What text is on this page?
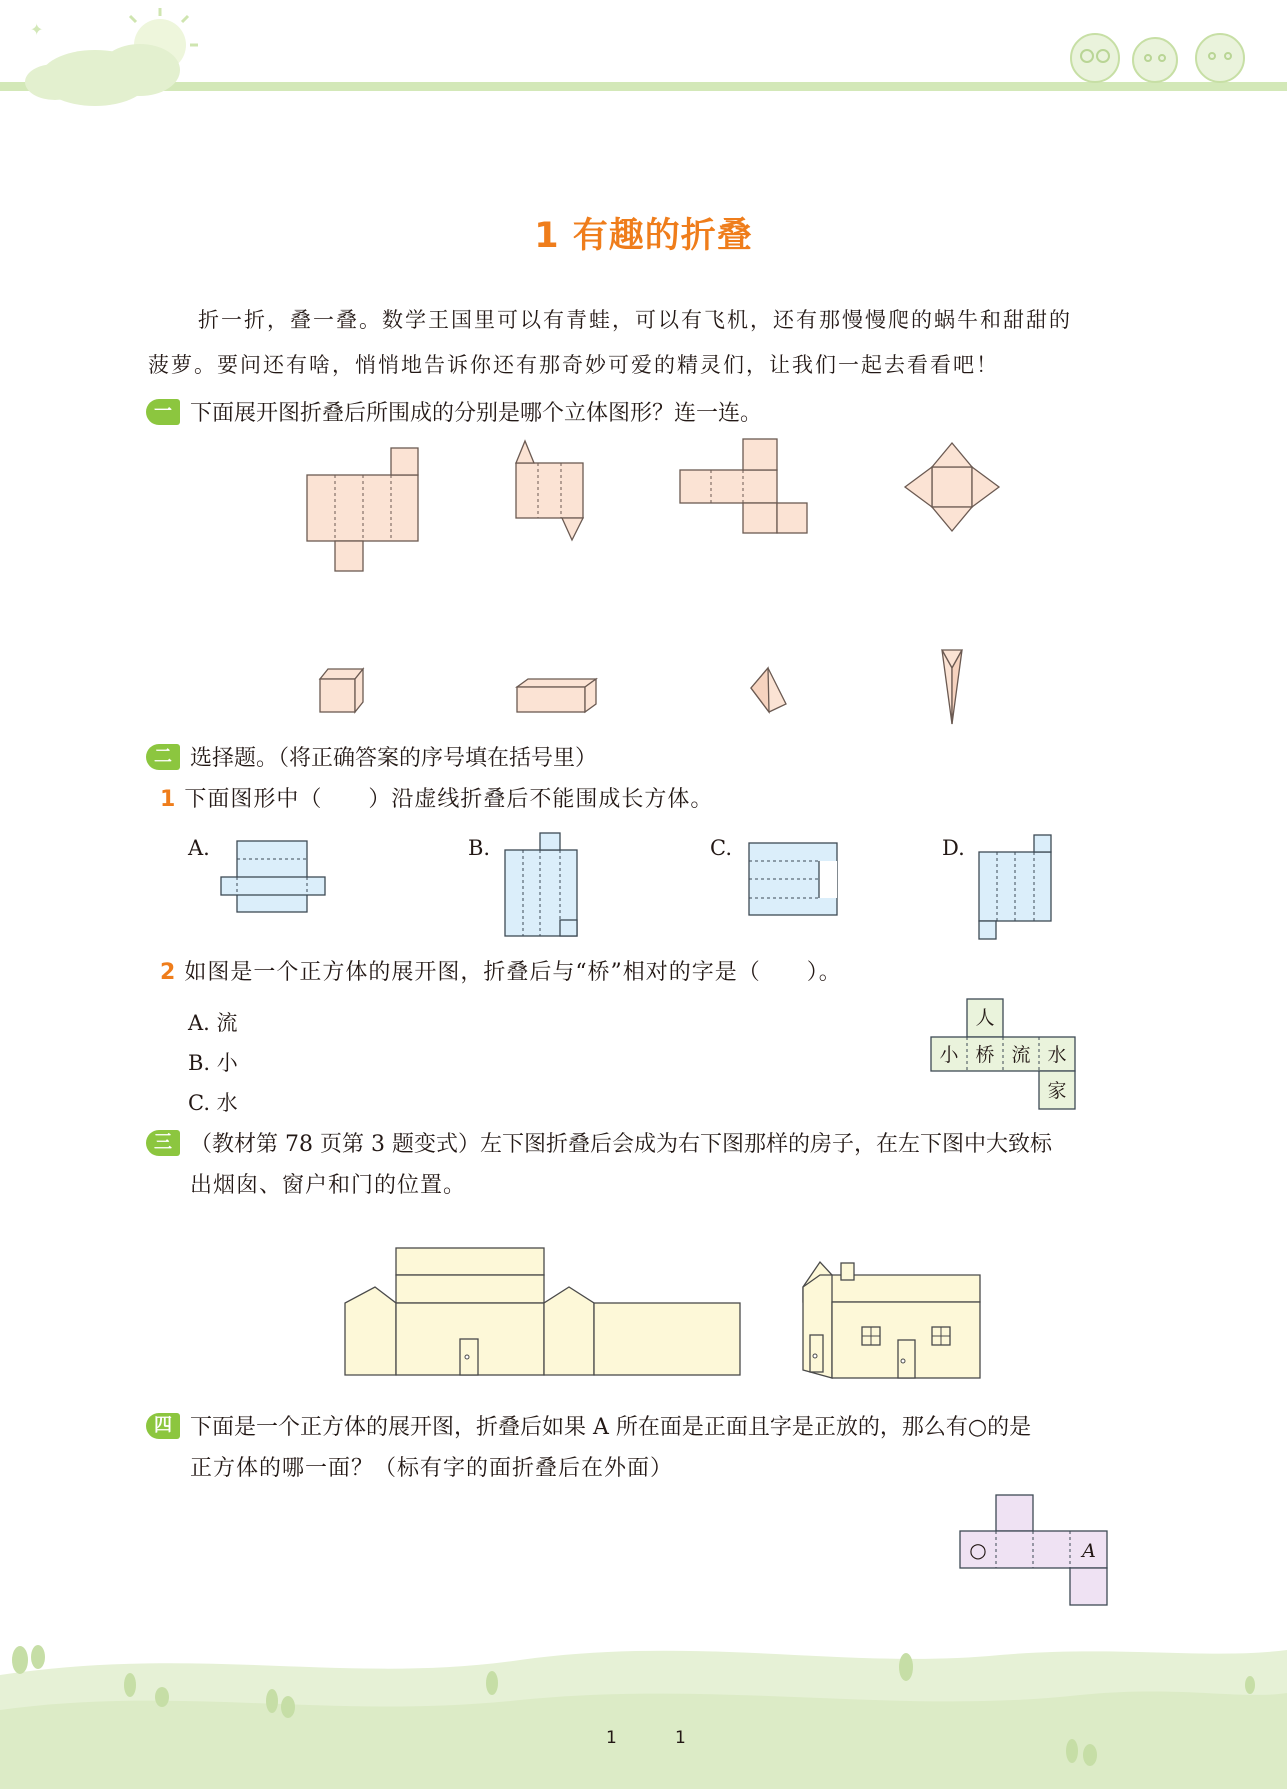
✦
1 有趣的折叠
折一折，叠一叠。数学王国里可以有青蛙，可以有飞机，还有那慢慢爬的蜗牛和甜甜的
菠萝。要问还有啥，悄悄地告诉你还有那奇妙可爱的精灵们，让我们一起去看看吧！
一 下面展开图折叠后所围成的分别是哪个立体图形？连一连。
二 选择题。（将正确答案的序号填在括号里）
1 下面图形中（　　）沿虚线折叠后不能围成长方体。
A.	B.	C.	D.
2 如图是一个正方体的展开图，折叠后与“桥”相对的字是（　　）。
A. 流
B. 小
C. 水
人
小 桥 流 水
家
三 （教材第 78 页第 3 题变式）左下图折叠后会成为右下图那样的房子，在左下图中大致标
出烟囱、窗户和门的位置。
四 下面是一个正方体的展开图，折叠后如果 A 所在面是正面且字是正放的，那么有○的是
正方体的哪一面？（标有字的面折叠后在外面）
○	A
1	1
